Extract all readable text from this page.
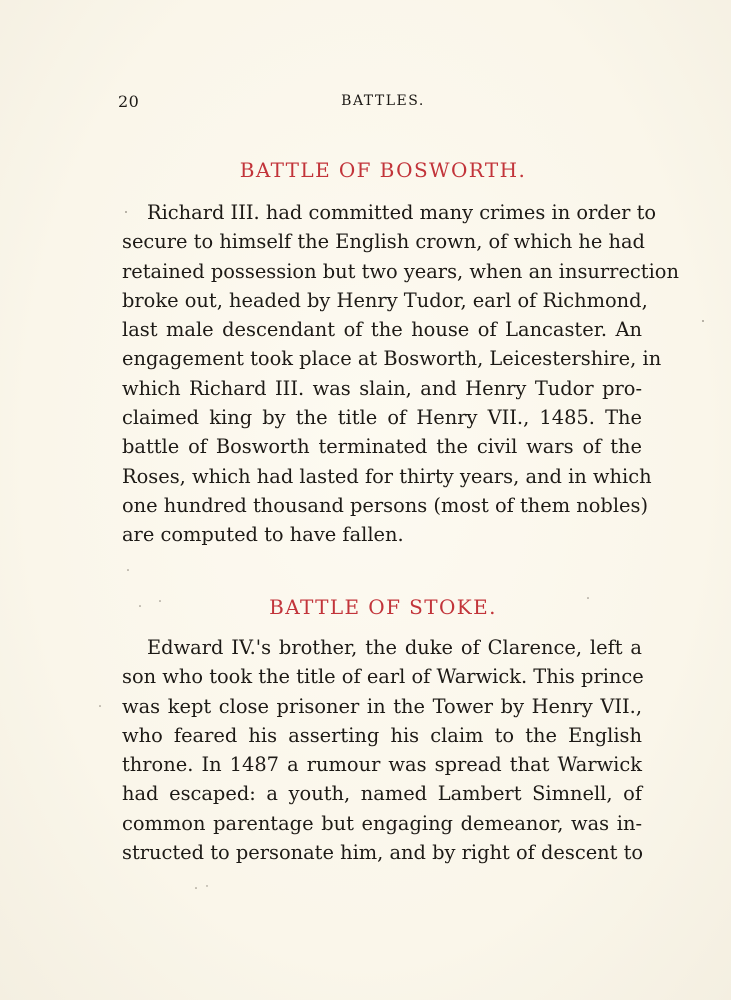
20	BATTLES.
BATTLE OF BOSWORTH.

Richard III. had committed many crimes in order to
secure to himself the English crown, of which he had
retained possession but two years, when an insurrection
broke out, headed by Henry Tudor, earl of Richmond,
last male descendant of the house of Lancaster. An
engagement took place at Bosworth, Leicestershire, in
which Richard III. was slain, and Henry Tudor pro-
claimed king by the title of Henry VII., 1485. The
battle of Bosworth terminated the civil wars of the
Roses, which had lasted for thirty years, and in which
one hundred thousand persons (most of them nobles)
are computed to have fallen.

BATTLE OF STOKE.

Edward IV.'s brother, the duke of Clarence, left a
son who took the title of earl of Warwick. This prince
was kept close prisoner in the Tower by Henry VII.,
who feared his asserting his claim to the English
throne. In 1487 a rumour was spread that Warwick
had escaped: a youth, named Lambert Simnell, of
common parentage but engaging demeanor, was in-
structed to personate him, and by right of descent to
